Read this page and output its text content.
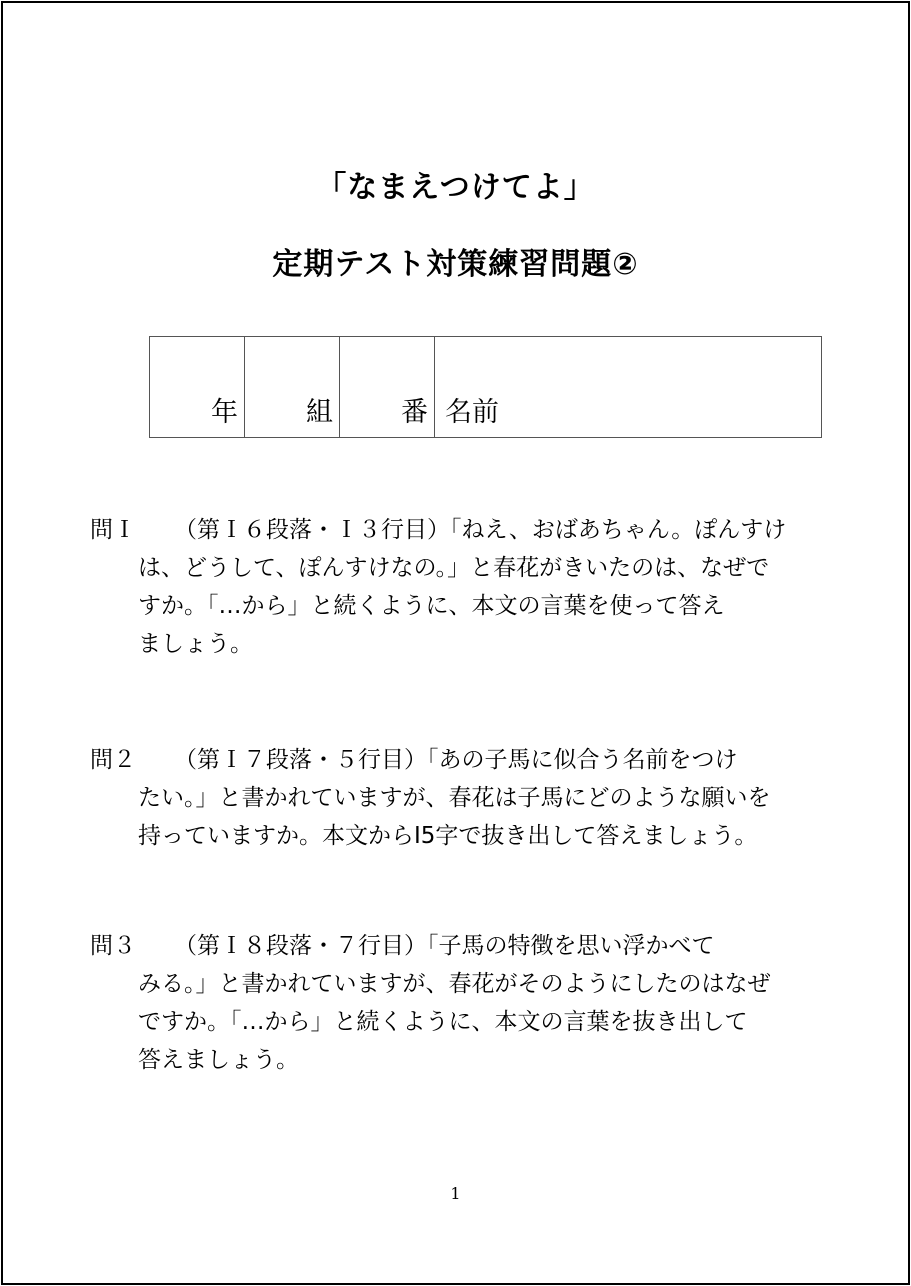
「なまえつけてよ」
定期テスト対策練習問題②
年	組	番 名前
問Ｉ （第Ｉ６段落・Ｉ３行目）「ねえ、おばあちゃん。ぽんすけ
は、どうして、ぽんすけなの。」と春花がきいたのは、なぜで
すか。「…から」と続くように、本文の言葉を使って答え
ましょう。
問２ （第Ｉ７段落・５行目）「あの子馬に似合う名前をつけ
たい。」と書かれていますが、春花は子馬にどのような願いを
持っていますか。本文からI5字で抜き出して答えましょう。
問３ （第Ｉ８段落・７行目）「子馬の特徴を思い浮かべて
みる。」と書かれていますが、春花がそのようにしたのはなぜ
ですか。「…から」と続くように、本文の言葉を抜き出して
答えましょう。
1
